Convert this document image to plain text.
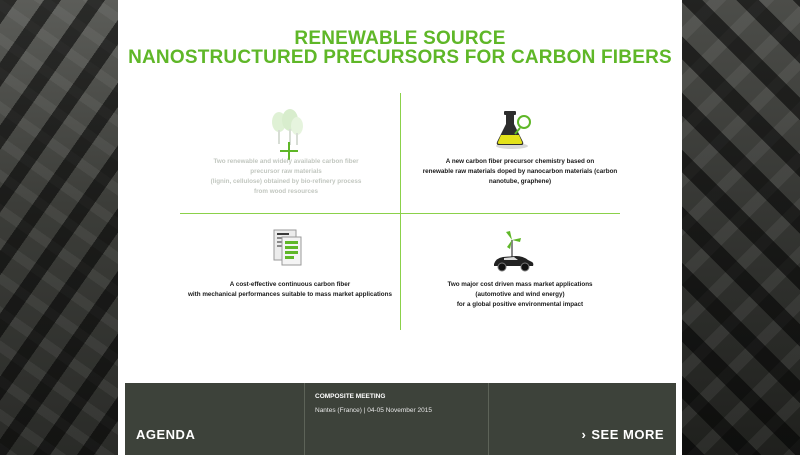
RENEWABLE SOURCE
NANOSTRUCTURED PRECURSORS FOR CARBON FIBERS
Two renewable and widely available carbon fiber
precursor raw materials
(lignin, cellulose) obtained by bio-refinery process
from wood resources
A new carbon fiber precursor chemistry based on
renewable raw materials doped by nanocarbon materials (carbon
nanotube, graphene)
A cost-effective continuous carbon fiber
with mechanical performances suitable to mass market applications
Two major cost driven mass market applications
(automotive and wind energy)
for a global positive environmental impact
AGENDA
COMPOSITE MEETING
Nantes (France) | 04-05 November 2015
› SEE MORE
